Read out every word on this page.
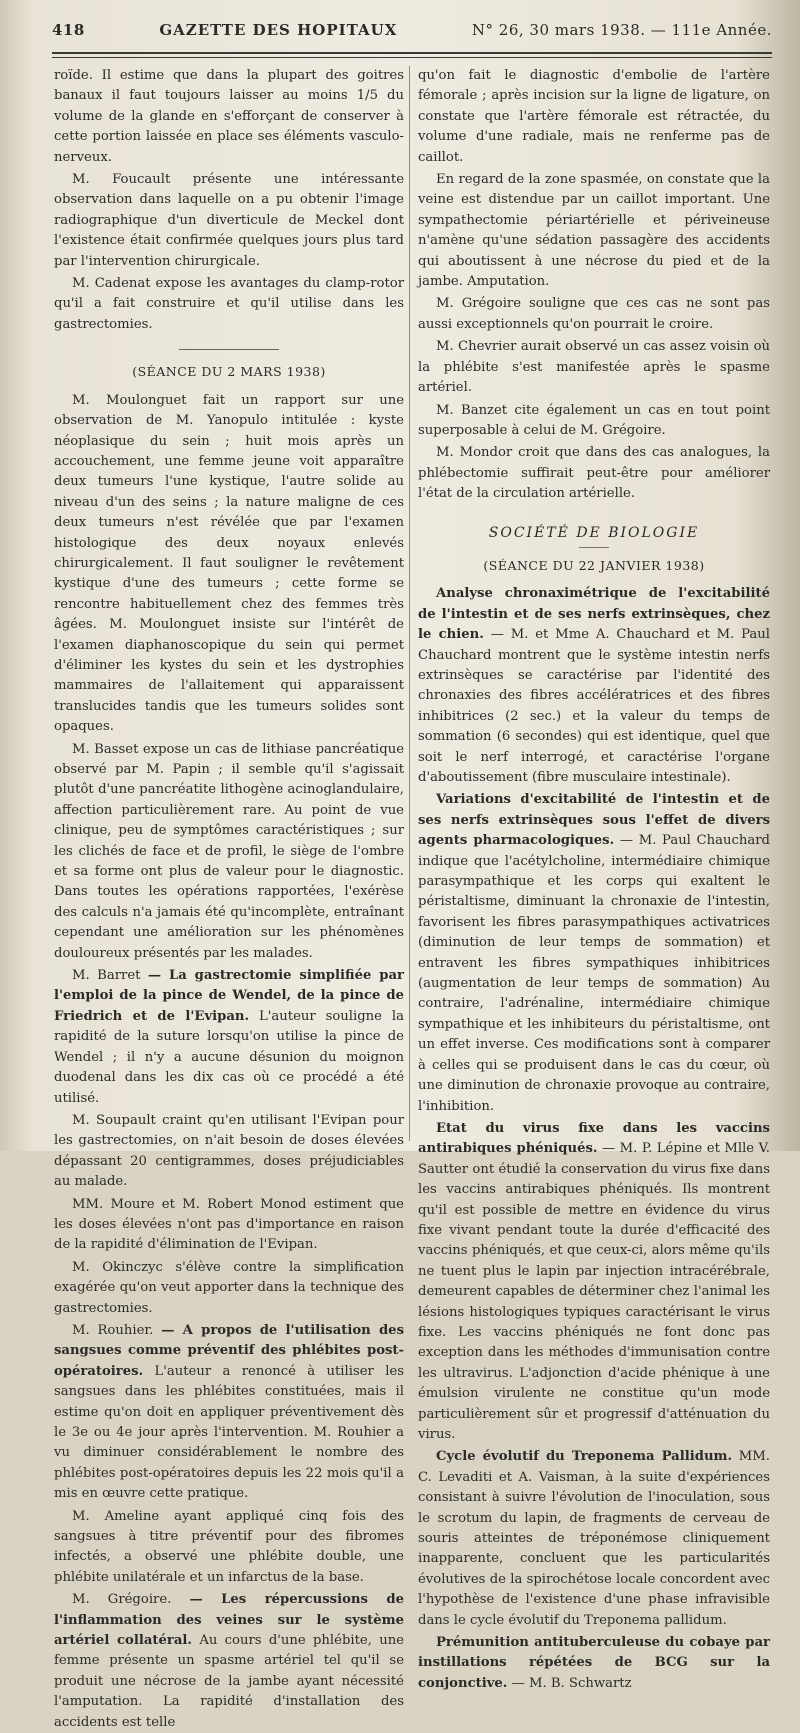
418	GAZETTE DES HOPITAUX	N° 26, 30 mars 1938. — 111e Année.

roïde. Il estime que dans la plupart des goitres banaux il faut toujours laisser au moins 1/5 du volume de la glande en s'efforçant de conserver à cette portion laissée en place ses éléments vasculo-nerveux.

M. Foucault présente une intéressante observation dans laquelle on a pu obtenir l'image radiographique d'un diverticule de Meckel dont l'existence était confirmée quelques jours plus tard par l'intervention chirurgicale.

M. Cadenat expose les avantages du clamp-rotor qu'il a fait construire et qu'il utilise dans les gastrectomies.

(SÉANCE DU 2 MARS 1938)

M. Moulonguet fait un rapport sur une observation de M. Yanopulo intitulée : kyste néoplasique du sein ; huit mois après un accouchement, une femme jeune voit apparaître deux tumeurs l'une kystique, l'autre solide au niveau d'un des seins ; la nature maligne de ces deux tumeurs n'est révélée que par l'examen histologique des deux noyaux enlevés chirurgicalement. Il faut souligner le revêtement kystique d'une des tumeurs ; cette forme se rencontre habituellement chez des femmes très âgées. M. Moulonguet insiste sur l'intérêt de l'examen diaphanoscopique du sein qui permet d'éliminer les kystes du sein et les dystrophies mammaires de l'allaitement qui apparaissent translucides tandis que les tumeurs solides sont opaques.

M. Basset expose un cas de lithiase pancréatique observé par M. Papin ; il semble qu'il s'agissait plutôt d'une pancréatite lithogène acinoglandulaire, affection particulièrement rare. Au point de vue clinique, peu de symptômes caractéristiques ; sur les clichés de face et de profil, le siège de l'ombre et sa forme ont plus de valeur pour le diagnostic. Dans toutes les opérations rapportées, l'exérèse des calculs n'a jamais été qu'incomplète, entraînant cependant une amélioration sur les phénomènes douloureux présentés par les malades.

M. Barret — La gastrectomie simplifiée par l'emploi de la pince de Wendel, de la pince de Friedrich et de l'Evipan. L'auteur souligne la rapidité de la suture lorsqu'on utilise la pince de Wendel ; il n'y a aucune désunion du moignon duodenal dans les dix cas où ce procédé a été utilisé.

M. Soupault craint qu'en utilisant l'Evipan pour les gastrectomies, on n'ait besoin de doses élevées dépassant 20 centigrammes, doses préjudiciables au malade.

MM. Moure et M. Robert Monod estiment que les doses élevées n'ont pas d'importance en raison de la rapidité d'élimination de l'Evipan.

M. Okinczyc s'élève contre la simplification exagérée qu'on veut apporter dans la technique des gastrectomies.

M. Rouhier. — A propos de l'utilisation des sangsues comme préventif des phlébites post-opératoires. L'auteur a renoncé à utiliser les sangsues dans les phlébites constituées, mais il estime qu'on doit en appliquer préventivement dès le 3e ou 4e jour après l'intervention. M. Rouhier a vu diminuer considérablement le nombre des phlébites post-opératoires depuis les 22 mois qu'il a mis en œuvre cette pratique.

M. Ameline ayant appliqué cinq fois des sangsues à titre préventif pour des fibromes infectés, a observé une phlébite double, une phlébite unilatérale et un infarctus de la base.

M. Grégoire. — Les répercussions de l'inflammation des veines sur le système artériel collatéral. Au cours d'une phlébite, une femme présente un spasme artériel tel qu'il se produit une nécrose de la jambe ayant nécessité l'amputation. La rapidité d'installation des accidents est telle

qu'on fait le diagnostic d'embolie de l'artère fémorale ; après incision sur la ligne de ligature, on constate que l'artère fémorale est rétractée, du volume d'une radiale, mais ne renferme pas de caillot.

En regard de la zone spasmée, on constate que la veine est distendue par un caillot important. Une sympathectomie périartérielle et périveineuse n'amène qu'une sédation passagère des accidents qui aboutissent à une nécrose du pied et de la jambe. Amputation.

M. Grégoire souligne que ces cas ne sont pas aussi exceptionnels qu'on pourrait le croire.

M. Chevrier aurait observé un cas assez voisin où la phlébite s'est manifestée après le spasme artériel.

M. Banzet cite également un cas en tout point superposable à celui de M. Grégoire.

M. Mondor croit que dans des cas analogues, la phlébectomie suffirait peut-être pour améliorer l'état de la circulation artérielle.

SOCIÉTÉ DE BIOLOGIE

(SÉANCE DU 22 JANVIER 1938)

Analyse chronaximétrique de l'excitabilité de l'intestin et de ses nerfs extrinsèques, chez le chien. — M. et Mme A. Chauchard et M. Paul Chauchard montrent que le système intestin nerfs extrinsèques se caractérise par l'identité des chronaxies des fibres accélératrices et des fibres inhibitrices (2 sec.) et la valeur du temps de sommation (6 secondes) qui est identique, quel que soit le nerf interrogé, et caractérise l'organe d'aboutissement (fibre musculaire intestinale).

Variations d'excitabilité de l'intestin et de ses nerfs extrinsèques sous l'effet de divers agents pharmacologiques. — M. Paul Chauchard indique que l'acétylcholine, intermédiaire chimique parasympathique et les corps qui exaltent le péristaltisme, diminuant la chronaxie de l'intestin, favorisent les fibres parasympathiques activatrices (diminution de leur temps de sommation) et entravent les fibres sympathiques inhibitrices (augmentation de leur temps de sommation) Au contraire, l'adrénaline, intermédiaire chimique sympathique et les inhibiteurs du péristaltisme, ont un effet inverse. Ces modifications sont à comparer à celles qui se produisent dans le cas du cœur, où une diminution de chronaxie provoque au contraire, l'inhibition.

Etat du virus fixe dans les vaccins antirabiques phéniqués. — M. P. Lépine et Mlle V. Sautter ont étudié la conservation du virus fixe dans les vaccins antirabiques phéniqués. Ils montrent qu'il est possible de mettre en évidence du virus fixe vivant pendant toute la durée d'efficacité des vaccins phéniqués, et que ceux-ci, alors même qu'ils ne tuent plus le lapin par injection intracérébrale, demeurent capables de déterminer chez l'animal les lésions histologiques typiques caractérisant le virus fixe. Les vaccins phéniqués ne font donc pas exception dans les méthodes d'immunisation contre les ultravirus. L'adjonction d'acide phénique à une émulsion virulente ne constitue qu'un mode particulièrement sûr et progressif d'atténuation du virus.

Cycle évolutif du Treponema Pallidum. MM. C. Levaditi et A. Vaisman, à la suite d'expériences consistant à suivre l'évolution de l'inoculation, sous le scrotum du lapin, de fragments de cerveau de souris atteintes de tréponémose cliniquement inapparente, concluent que les particularités évolutives de la spirochétose locale concordent avec l'hypothèse de l'existence d'une phase infravisible dans le cycle évolutif du Treponema pallidum.

Prémunition antituberculeuse du cobaye par instillations répétées de BCG sur la conjonctive. — M. B. Schwartz
